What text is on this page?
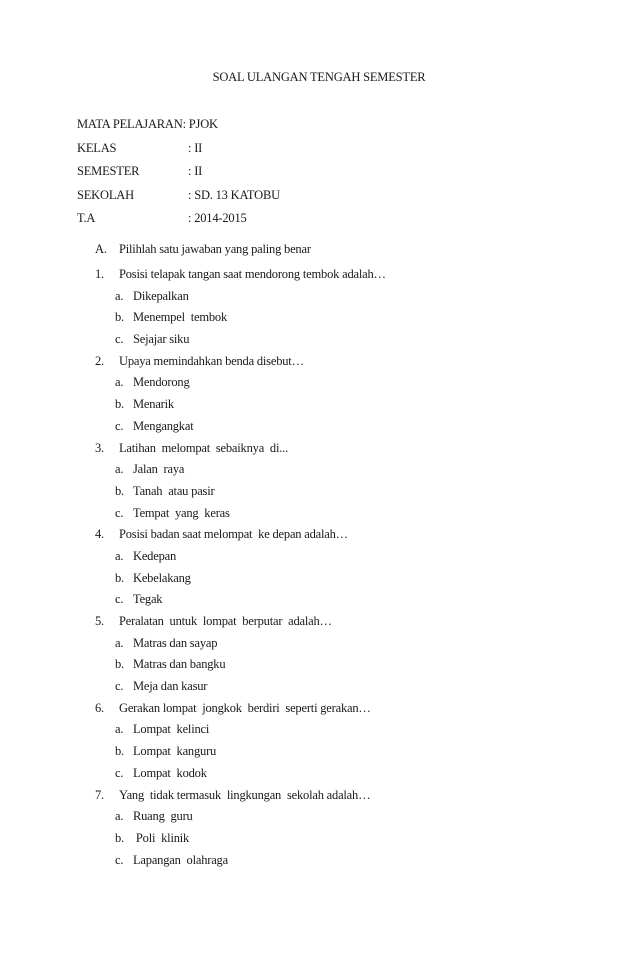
SOAL ULANGAN TENGAH SEMESTER
MATA PELAJARAN : PJOK
KELAS	: II
SEMESTER	: II
SEKOLAH	: SD. 13 KATOBU
T.A	: 2014-2015
A. Pilihlah satu jawaban yang paling benar
1.	Posisi telapak tangan saat mendorong tembok adalah…
a. Dikepalkan
b. Menempel  tembok
c. Sejajar siku
2.	Upaya memindahkan benda disebut…
a. Mendorong
b. Menarik
c. Mengangkat
3.	Latihan  melompat  sebaiknya  di...
a. Jalan  raya
b. Tanah  atau pasir
c. Tempat  yang  keras
4.	Posisi badan saat melompat  ke depan adalah…
a. Kedepan
b. Kebelakang
c. Tegak
5.	Peralatan  untuk  lompat  berputar  adalah…
a. Matras dan sayap
b. Matras dan bangku
c. Meja dan kasur
6.	Gerakan lompat  jongkok  berdiri  seperti gerakan…
a. Lompat  kelinci
b. Lompat  kanguru
c. Lompat  kodok
7.	Yang  tidak termasuk  lingkungan  sekolah adalah…
a. Ruang  guru
b. Poli  klinik
c. Lapangan  olahraga
